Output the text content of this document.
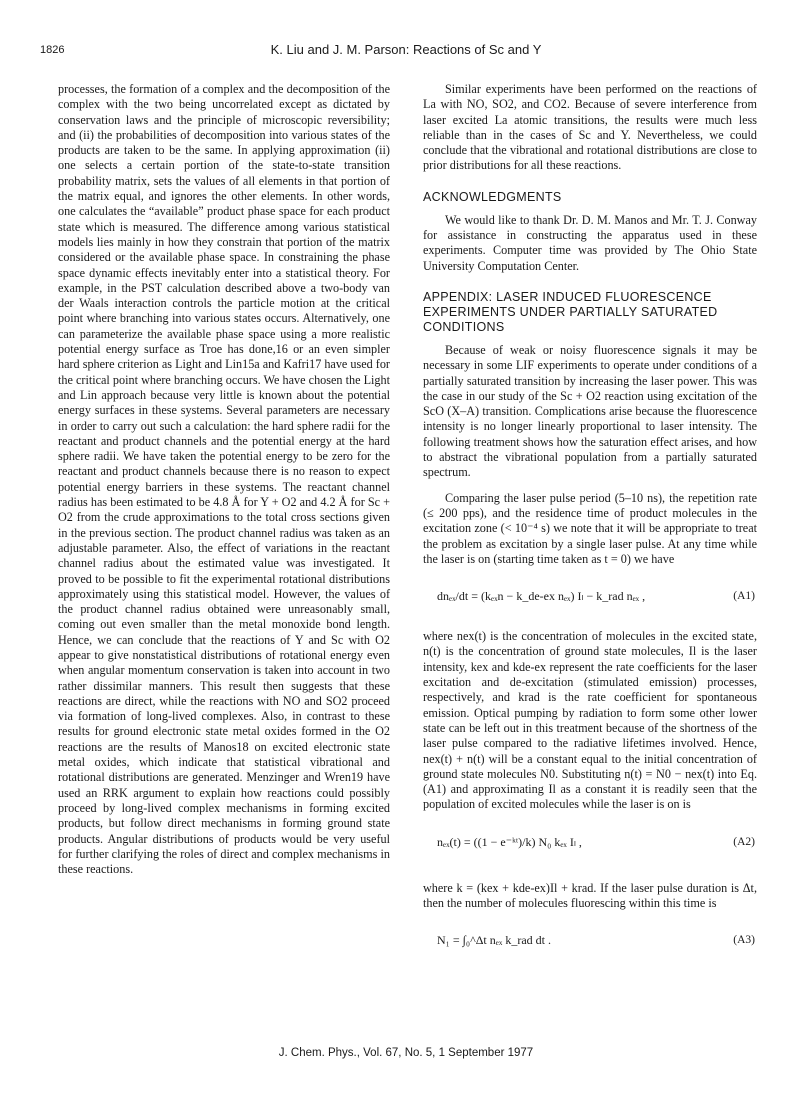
1826	K. Liu and J. M. Parson: Reactions of Sc and Y

processes, the formation of a complex and the decomposition of the complex with the two being uncorrelated except as dictated by conservation laws and the principle of microscopic reversibility; and (ii) the probabilities of decomposition into various states of the products are taken to be the same. In applying approximation (ii) one selects a certain portion of the state-to-state transition probability matrix, sets the values of all elements in that portion of the matrix equal, and ignores the other elements. In other words, one calculates the “available” product phase space for each product state which is measured. The difference among various statistical models lies mainly in how they constrain that portion of the matrix considered or the available phase space. In constraining the phase space dynamic effects inevitably enter into a statistical theory. For example, in the PST calculation described above a two-body van der Waals interaction controls the particle motion at the critical point where branching into various states occurs. Alternatively, one can parameterize the available phase space using a more realistic potential energy surface as Troe has done,16 or an even simpler hard sphere criterion as Light and Lin15a and Kafri17 have used for the critical point where branching occurs. We have chosen the Light and Lin approach because very little is known about the potential energy surfaces in these systems. Several parameters are necessary in order to carry out such a calculation: the hard sphere radii for the reactant and product channels and the potential energy at the hard sphere radii. We have taken the potential energy to be zero for the reactant and product channels because there is no reason to expect potential energy barriers in these systems. The reactant channel radius has been estimated to be 4.8 Å for Y + O2 and 4.2 Å for Sc + O2 from the crude approximations to the total cross sections given in the previous section. The product channel radius was taken as an adjustable parameter. Also, the effect of variations in the reactant channel radius about the estimated value was investigated. It proved to be possible to fit the experimental rotational distributions approximately using this statistical model. However, the values of the product channel radius obtained were unreasonably small, coming out even smaller than the metal monoxide bond length. Hence, we can conclude that the reactions of Y and Sc with O2 appear to give nonstatistical distributions of rotational energy even when angular momentum conservation is taken into account in two rather dissimilar manners. This result then suggests that these reactions are direct, while the reactions with NO and SO2 proceed via formation of long-lived complexes. Also, in contrast to these results for ground electronic state metal oxides formed in the O2 reactions are the results of Manos18 on excited electronic state metal oxides, which indicate that statistical vibrational and rotational distributions are generated. Menzinger and Wren19 have used an RRK argument to explain how reactions could possibly proceed by long-lived complex mechanisms in forming excited products, but follow direct mechanisms in forming ground state products. Angular distributions of products would be very useful for further clarifying the roles of direct and complex mechanisms in these reactions.

Similar experiments have been performed on the reactions of La with NO, SO2, and CO2. Because of severe interference from laser excited La atomic transitions, the results were much less reliable than in the cases of Sc and Y. Nevertheless, we could conclude that the vibrational and rotational distributions are close to prior distributions for all these reactions.

ACKNOWLEDGMENTS

We would like to thank Dr. D. M. Manos and Mr. T. J. Conway for assistance in constructing the apparatus used in these experiments. Computer time was provided by The Ohio State University Computation Center.

APPENDIX: LASER INDUCED FLUORESCENCE EXPERIMENTS UNDER PARTIALLY SATURATED CONDITIONS

Because of weak or noisy fluorescence signals it may be necessary in some LIF experiments to operate under conditions of a partially saturated transition by increasing the laser power. This was the case in our study of the Sc + O2 reaction using excitation of the ScO (X–A) transition. Complications arise because the fluorescence intensity is no longer linearly proportional to laser intensity. The following treatment shows how the saturation effect arises, and how to abstract the vibrational population from a partially saturated spectrum.

Comparing the laser pulse period (5–10 ns), the repetition rate (≤ 200 pps), and the residence time of product molecules in the excitation zone (< 10⁻⁴ s) we note that it will be appropriate to treat the problem as excitation by a single laser pulse. At any time while the laser is on (starting time taken as t = 0) we have

dnₑₓ/dt = (kₑₓn − k_de-ex nₑₓ) Iₗ − k_rad nₑₓ ,	(A1)

where nex(t) is the concentration of molecules in the excited state, n(t) is the concentration of ground state molecules, Il is the laser intensity, kex and kde-ex represent the rate coefficients for the laser excitation and de-excitation (stimulated emission) processes, respectively, and krad is the rate coefficient for spontaneous emission. Optical pumping by radiation to form some other lower state can be left out in this treatment because of the shortness of the laser pulse compared to the radiative lifetimes involved. Hence, nex(t) + n(t) will be a constant equal to the initial concentration of ground state molecules N0. Substituting n(t) = N0 − nex(t) into Eq. (A1) and approximating Il as a constant it is readily seen that the population of excited molecules while the laser is on is

nₑₓ(t) = ((1 − e⁻ᵏᵗ)/k) N₀ kₑₓ Iₗ ,	(A2)

where k = (kex + kde-ex)Il + krad. If the laser pulse duration is Δt, then the number of molecules fluorescing within this time is

N₁ = ∫₀^Δt nₑₓ k_rad dt .	(A3)
J. Chem. Phys., Vol. 67, No. 5, 1 September 1977
